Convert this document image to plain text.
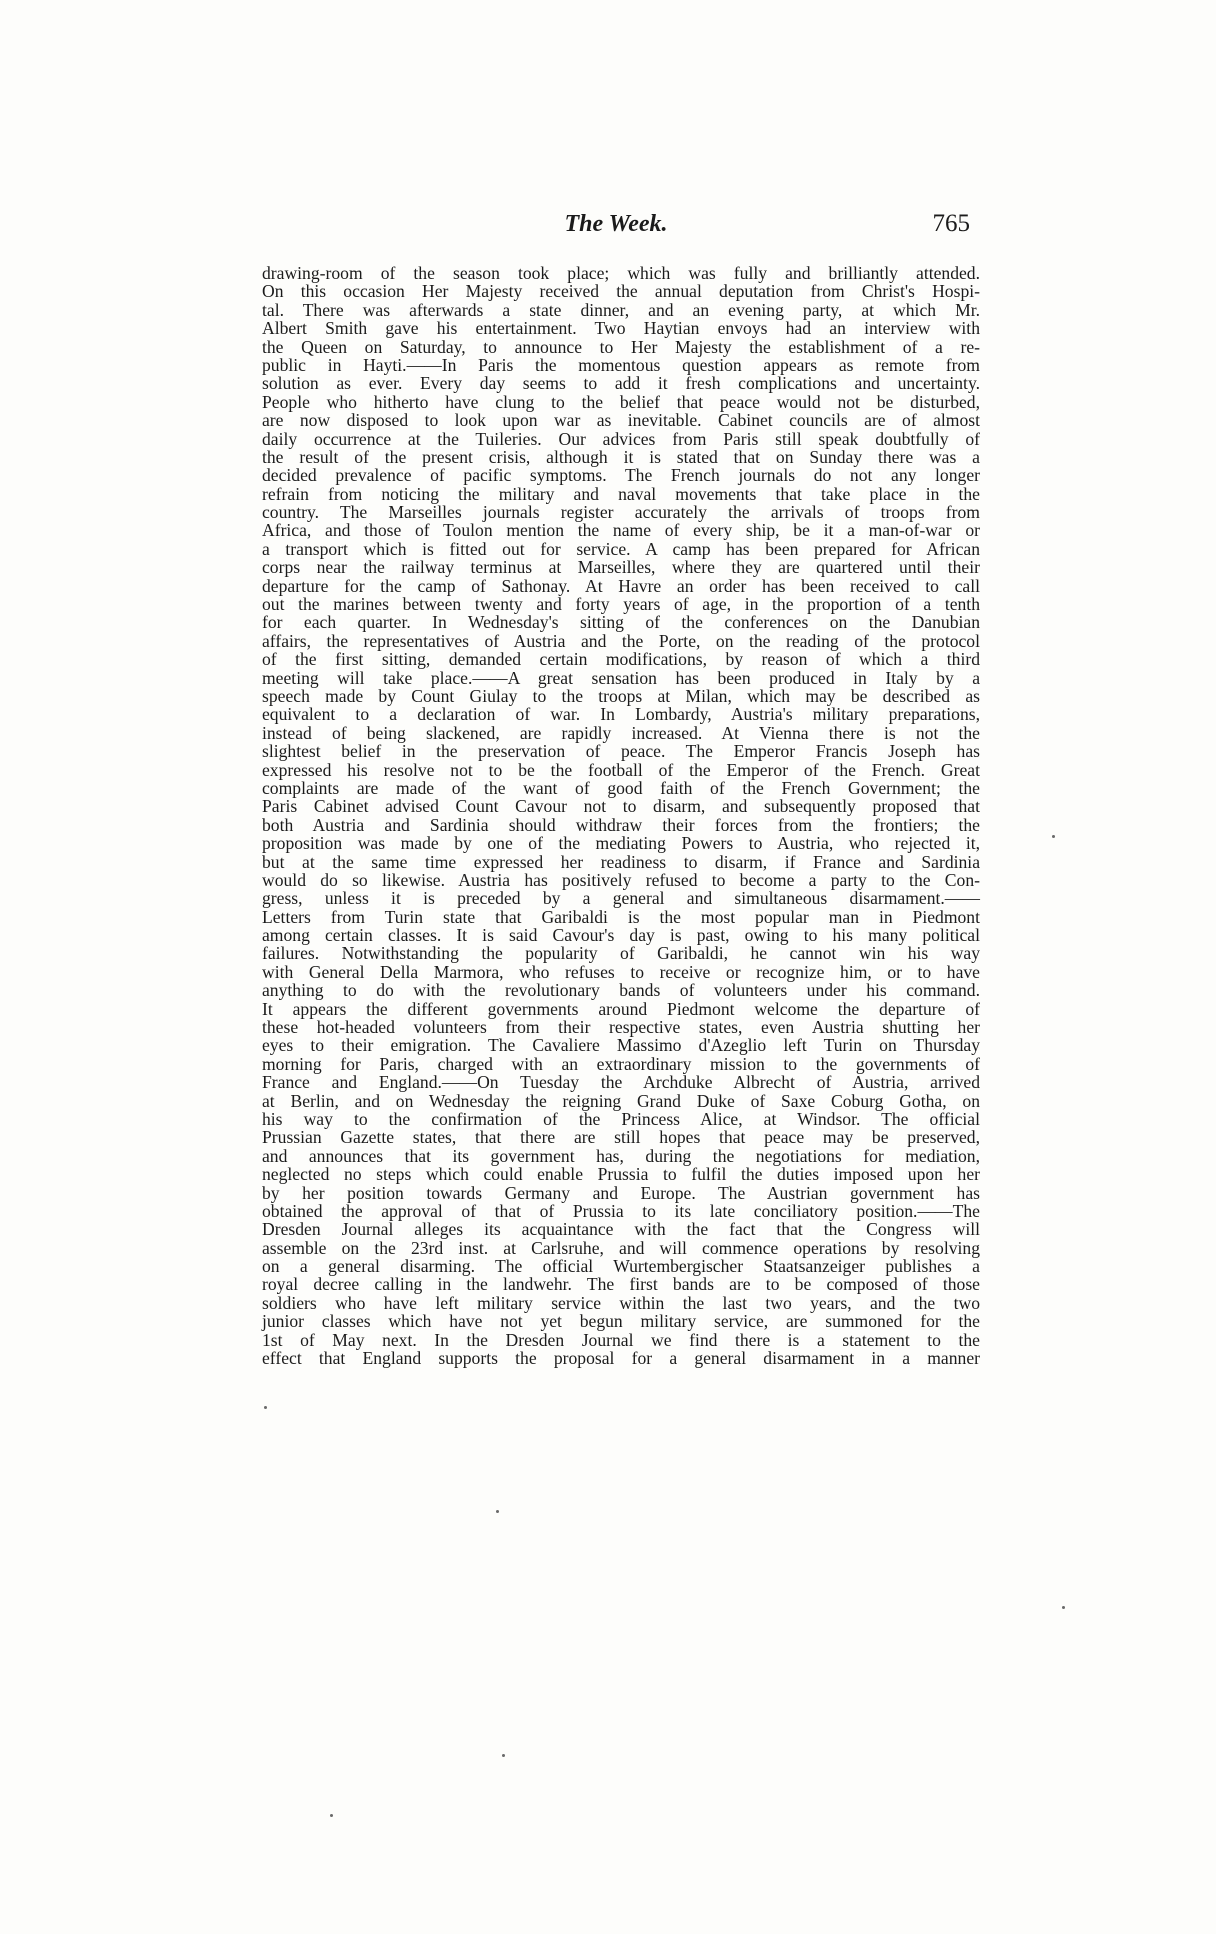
The Week.	765
drawing-room of the season took place; which was fully and brilliantly attended.
On this occasion Her Majesty received the annual deputation from Christ's Hospi-
tal. There was afterwards a state dinner, and an evening party, at which Mr.
Albert Smith gave his entertainment. Two Haytian envoys had an interview with
the Queen on Saturday, to announce to Her Majesty the establishment of a re-
public in Hayti.——In Paris the momentous question appears as remote from
solution as ever. Every day seems to add it fresh complications and uncertainty.
People who hitherto have clung to the belief that peace would not be disturbed,
are now disposed to look upon war as inevitable. Cabinet councils are of almost
daily occurrence at the Tuileries. Our advices from Paris still speak doubtfully of
the result of the present crisis, although it is stated that on Sunday there was a
decided prevalence of pacific symptoms. The French journals do not any longer
refrain from noticing the military and naval movements that take place in the
country. The Marseilles journals register accurately the arrivals of troops from
Africa, and those of Toulon mention the name of every ship, be it a man-of-war or
a transport which is fitted out for service. A camp has been prepared for African
corps near the railway terminus at Marseilles, where they are quartered until their
departure for the camp of Sathonay. At Havre an order has been received to call
out the marines between twenty and forty years of age, in the proportion of a tenth
for each quarter. In Wednesday's sitting of the conferences on the Danubian
affairs, the representatives of Austria and the Porte, on the reading of the protocol
of the first sitting, demanded certain modifications, by reason of which a third
meeting will take place.——A great sensation has been produced in Italy by a
speech made by Count Giulay to the troops at Milan, which may be described as
equivalent to a declaration of war. In Lombardy, Austria's military preparations,
instead of being slackened, are rapidly increased. At Vienna there is not the
slightest belief in the preservation of peace. The Emperor Francis Joseph has
expressed his resolve not to be the football of the Emperor of the French. Great
complaints are made of the want of good faith of the French Government; the
Paris Cabinet advised Count Cavour not to disarm, and subsequently proposed that
both Austria and Sardinia should withdraw their forces from the frontiers; the
proposition was made by one of the mediating Powers to Austria, who rejected it,
but at the same time expressed her readiness to disarm, if France and Sardinia
would do so likewise. Austria has positively refused to become a party to the Con-
gress, unless it is preceded by a general and simultaneous disarmament.——
Letters from Turin state that Garibaldi is the most popular man in Piedmont
among certain classes. It is said Cavour's day is past, owing to his many political
failures. Notwithstanding the popularity of Garibaldi, he cannot win his way
with General Della Marmora, who refuses to receive or recognize him, or to have
anything to do with the revolutionary bands of volunteers under his command.
It appears the different governments around Piedmont welcome the departure of
these hot-headed volunteers from their respective states, even Austria shutting her
eyes to their emigration. The Cavaliere Massimo d'Azeglio left Turin on Thursday
morning for Paris, charged with an extraordinary mission to the governments of
France and England.——On Tuesday the Archduke Albrecht of Austria, arrived
at Berlin, and on Wednesday the reigning Grand Duke of Saxe Coburg Gotha, on
his way to the confirmation of the Princess Alice, at Windsor. The official
Prussian Gazette states, that there are still hopes that peace may be preserved,
and announces that its government has, during the negotiations for mediation,
neglected no steps which could enable Prussia to fulfil the duties imposed upon her
by her position towards Germany and Europe. The Austrian government has
obtained the approval of that of Prussia to its late conciliatory position.——The
Dresden Journal alleges its acquaintance with the fact that the Congress will
assemble on the 23rd inst. at Carlsruhe, and will commence operations by resolving
on a general disarming. The official Wurtembergischer Staatsanzeiger publishes a
royal decree calling in the landwehr. The first bands are to be composed of those
soldiers who have left military service within the last two years, and the two
junior classes which have not yet begun military service, are summoned for the
1st of May next. In the Dresden Journal we find there is a statement to the
effect that England supports the proposal for a general disarmament in a manner
